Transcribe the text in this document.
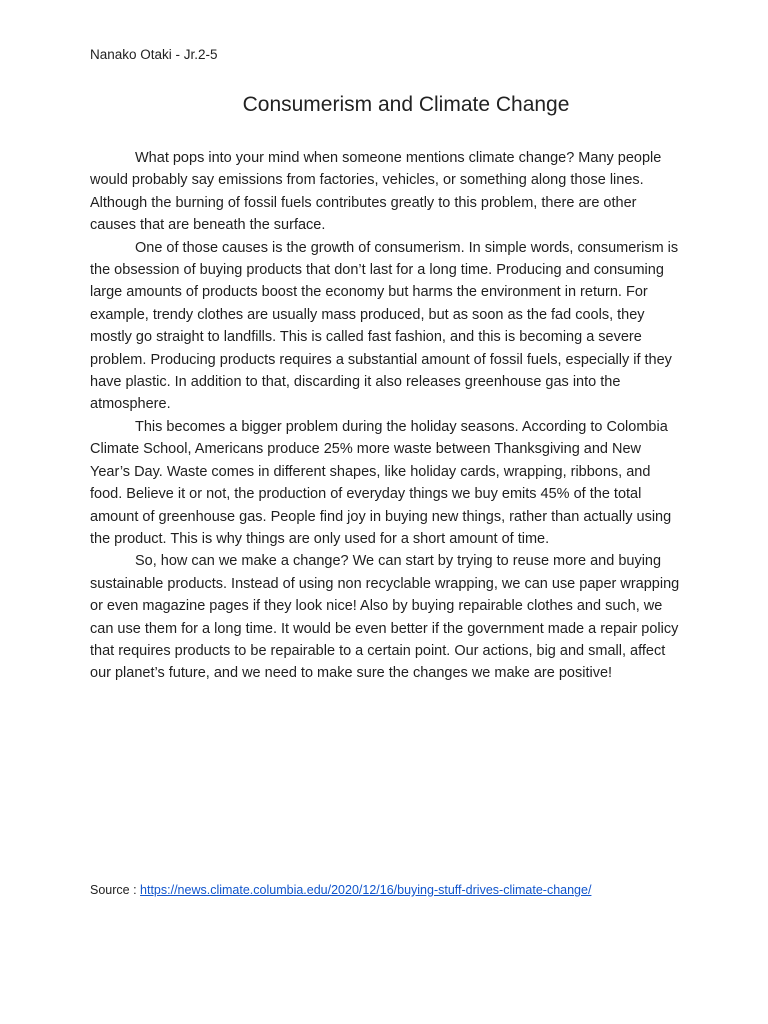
Nanako Otaki - Jr.2-5
Consumerism and Climate Change

What pops into your mind when someone mentions climate change? Many people would probably say emissions from factories, vehicles, or something along those lines. Although the burning of fossil fuels contributes greatly to this problem, there are other causes that are beneath the surface.

One of those causes is the growth of consumerism. In simple words, consumerism is the obsession of buying products that don’t last for a long time. Producing and consuming large amounts of products boost the economy but harms the environment in return. For example, trendy clothes are usually mass produced, but as soon as the fad cools, they mostly go straight to landfills. This is called fast fashion, and this is becoming a severe problem. Producing products requires a substantial amount of fossil fuels, especially if they have plastic. In addition to that, discarding it also releases greenhouse gas into the atmosphere.

This becomes a bigger problem during the holiday seasons. According to Colombia Climate School, Americans produce 25% more waste between Thanksgiving and New Year’s Day. Waste comes in different shapes, like holiday cards, wrapping, ribbons, and food. Believe it or not, the production of everyday things we buy emits 45% of the total amount of greenhouse gas. People find joy in buying new things, rather than actually using the product. This is why things are only used for a short amount of time.

So, how can we make a change? We can start by trying to reuse more and buying sustainable products. Instead of using non recyclable wrapping, we can use paper wrapping or even magazine pages if they look nice! Also by buying repairable clothes and such, we can use them for a long time. It would be even better if the government made a repair policy that requires products to be repairable to a certain point. Our actions, big and small, affect our planet’s future, and we need to make sure the changes we make are positive!

Source : https://news.climate.columbia.edu/2020/12/16/buying-stuff-drives-climate-change/
